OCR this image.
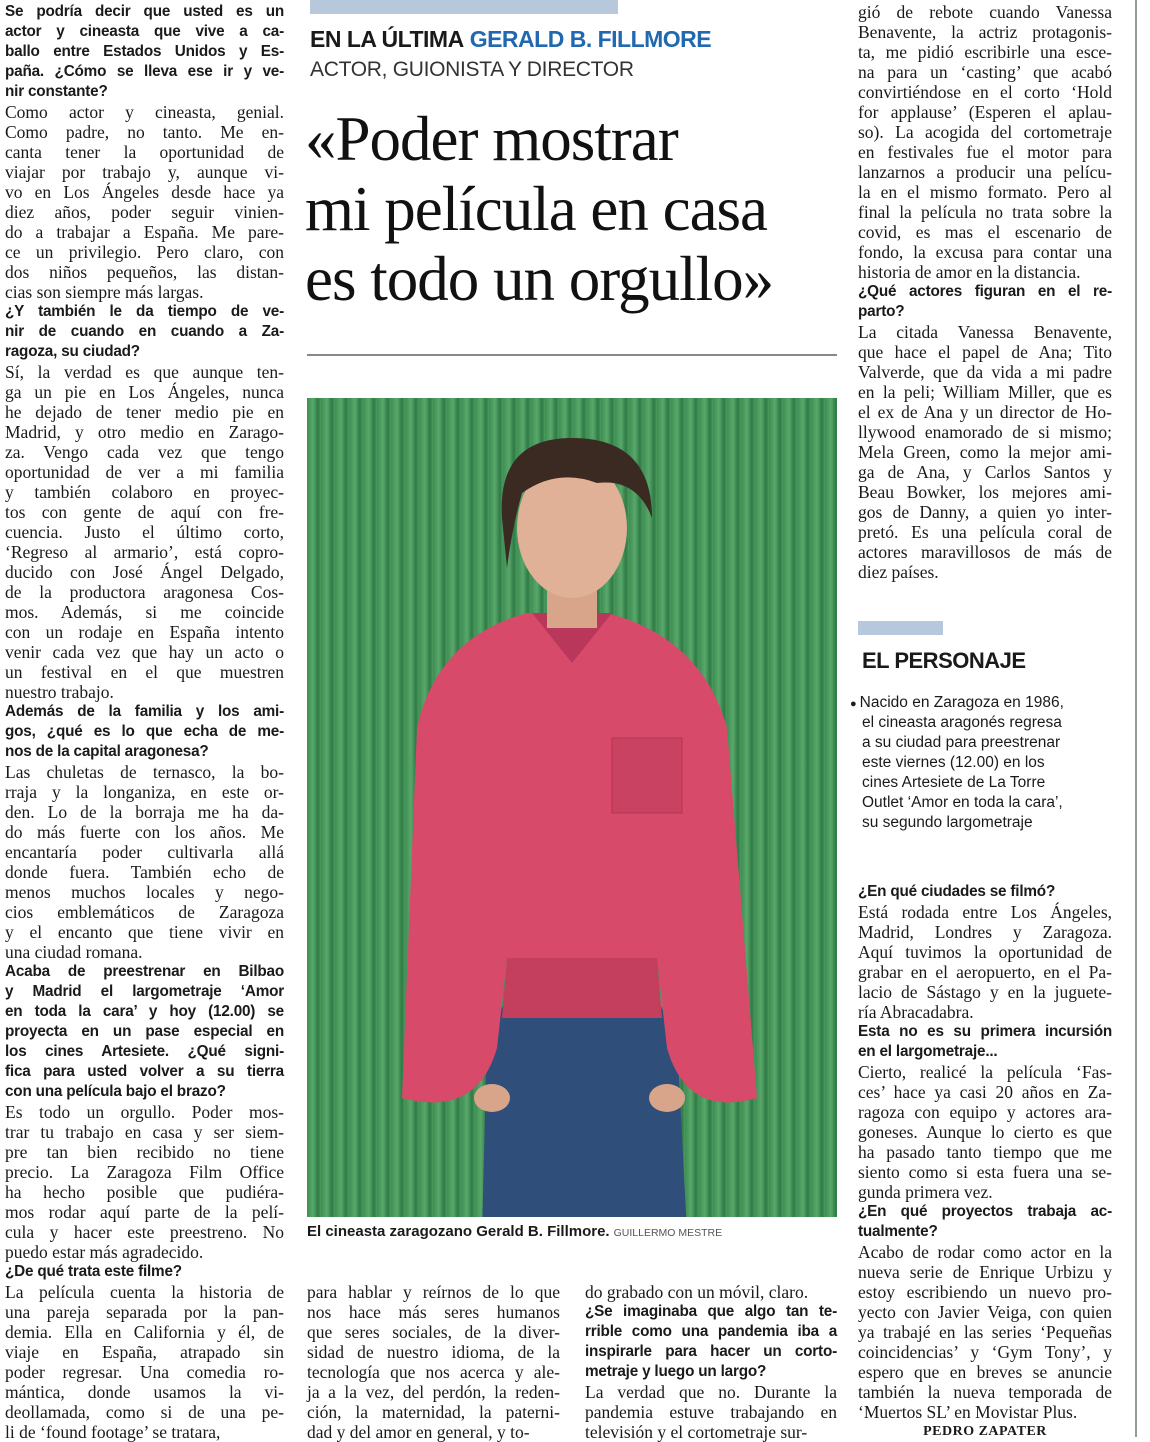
EN LA ÚLTIMA GERALD B. FILLMORE
ACTOR, GUIONISTA Y DIRECTOR
«Poder mostrar
mi película en casa
es todo un orgullo»
El cineasta zaragozano Gerald B. Fillmore. GUILLERMO MESTRE
Se podría decir que usted es un
actor y cineasta que vive a ca-
ballo entre Estados Unidos y Es-
paña. ¿Cómo se lleva ese ir y ve-
nir constante?
Como actor y cineasta, genial.
Como padre, no tanto. Me en-
canta tener la oportunidad de
viajar por trabajo y, aunque vi-
vo en Los Ángeles desde hace ya
diez años, poder seguir vinien-
do a trabajar a España. Me pare-
ce un privilegio. Pero claro, con
dos niños pequeños, las distan-
cias son siempre más largas.
¿Y también le da tiempo de ve-
nir de cuando en cuando a Za-
ragoza, su ciudad?
Sí, la verdad es que aunque ten-
ga un pie en Los Ángeles, nunca
he dejado de tener medio pie en
Madrid, y otro medio en Zarago-
za. Vengo cada vez que tengo
oportunidad de ver a mi familia
y también colaboro en proyec-
tos con gente de aquí con fre-
cuencia. Justo el último corto,
‘Regreso al armario’, está copro-
ducido con José Ángel Delgado,
de la productora aragonesa Cos-
mos. Además, si me coincide
con un rodaje en España intento
venir cada vez que hay un acto o
un festival en el que muestren
nuestro trabajo.
Además de la familia y los ami-
gos, ¿qué es lo que echa de me-
nos de la capital aragonesa?
Las chuletas de ternasco, la bo-
rraja y la longaniza, en este or-
den. Lo de la borraja me ha da-
do más fuerte con los años. Me
encantaría poder cultivarla allá
donde fuera. También echo de
menos muchos locales y nego-
cios emblemáticos de Zaragoza
y el encanto que tiene vivir en
una ciudad romana.
Acaba de preestrenar en Bilbao
y Madrid el largometraje ‘Amor
en toda la cara’ y hoy (12.00) se
proyecta en un pase especial en
los cines Artesiete. ¿Qué signi-
fica para usted volver a su tierra
con una película bajo el brazo?
Es todo un orgullo. Poder mos-
trar tu trabajo en casa y ser siem-
pre tan bien recibido no tiene
precio. La Zaragoza Film Office
ha hecho posible que pudiéra-
mos rodar aquí parte de la pelí-
cula y hacer este preestreno. No
puedo estar más agradecido.
¿De qué trata este filme?
La película cuenta la historia de
una pareja separada por la pan-
demia. Ella en California y él, de
viaje en España, atrapado sin
poder regresar. Una comedia ro-
mántica, donde usamos la vi-
deollamada, como si de una pe-
li de ‘found footage’ se tratara,
para hablar y reírnos de lo que
nos hace más seres humanos
que seres sociales, de la diver-
sidad de nuestro idioma, de la
tecnología que nos acerca y ale-
ja a la vez, del perdón, la reden-
ción, la maternidad, la paterni-
dad y del amor en general, y to-
do grabado con un móvil, claro.
¿Se imaginaba que algo tan te-
rrible como una pandemia iba a
inspirarle para hacer un corto-
metraje y luego un largo?
La verdad que no. Durante la
pandemia estuve trabajando en
televisión y el cortometraje sur-
gió de rebote cuando Vanessa
Benavente, la actriz protagonis-
ta, me pidió escribirle una esce-
na para un ‘casting’ que acabó
convirtiéndose en el corto ‘Hold
for applause’ (Esperen el aplau-
so). La acogida del cortometraje
en festivales fue el motor para
lanzarnos a producir una pelícu-
la en el mismo formato. Pero al
final la película no trata sobre la
covid, es mas el escenario de
fondo, la excusa para contar una
historia de amor en la distancia.
¿Qué actores figuran en el re-
parto?
La citada Vanessa Benavente,
que hace el papel de Ana; Tito
Valverde, que da vida a mi padre
en la peli; William Miller, que es
el ex de Ana y un director de Ho-
llywood enamorado de si mismo;
Mela Green, como la mejor ami-
ga de Ana, y Carlos Santos y
Beau Bowker, los mejores ami-
gos de Danny, a quien yo inter-
pretó. Es una película coral de
actores maravillosos de más de
diez países.
¿En qué ciudades se filmó?
Está rodada entre Los Ángeles,
Madrid, Londres y Zaragoza.
Aquí tuvimos la oportunidad de
grabar en el aeropuerto, en el Pa-
lacio de Sástago y en la juguete-
ría Abracadabra.
Esta no es su primera incursión
en el largometraje...
Cierto, realicé la película ‘Fas-
ces’ hace ya casi 20 años en Za-
ragoza con equipo y actores ara-
goneses. Aunque lo cierto es que
ha pasado tanto tiempo que me
siento como si esta fuera una se-
gunda primera vez.
¿En qué proyectos trabaja ac-
tualmente?
Acabo de rodar como actor en la
nueva serie de Enrique Urbizu y
estoy escribiendo un nuevo pro-
yecto con Javier Veiga, con quien
ya trabajé en las series ‘Pequeñas
coincidencias’ y ‘Gym Tony’, y
espero que en breves se anuncie
también la nueva temporada de
‘Muertos SL’ en Movistar Plus.
EL PERSONAJE
● Nacido en Zaragoza en 1986,
el cineasta aragonés regresa
a su ciudad para preestrenar
este viernes (12.00) en los
cines Artesiete de La Torre
Outlet ‘Amor en toda la cara’,
su segundo largometraje
PEDRO ZAPATER
